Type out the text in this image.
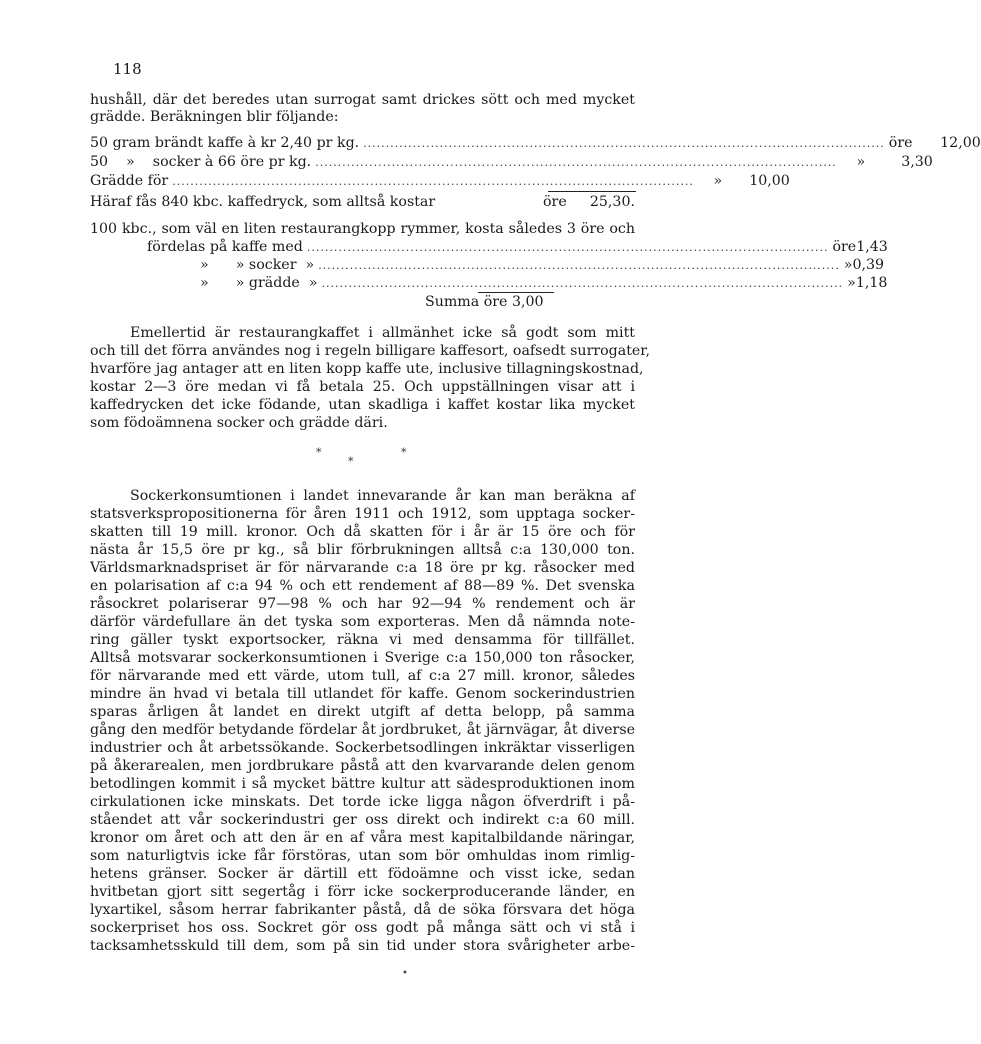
118
hushåll, där det beredes utan surrogat samt drickes sött och med mycket
grädde. Beräkningen blir följande:
50 gram brändt kaffe à kr 2,40 pr kg. .................................................................................................................... öre	12,00
50    »    socker à 66 öre pr kg. ....................................................................................................................	»	3,30
Grädde för ....................................................................................................................	»	10,00
Häraf fås 840 kbc. kaffedryck, som alltså kostar	öre	25,30.
100 kbc., som väl en liten restaurangkopp rymmer, kosta således 3 öre och
fördelas på kaffe med .................................................................................................................... öre 1,43
»      » socker  » .................................................................................................................... » 0,39
»      » grädde  » .................................................................................................................... » 1,18
Summa öre 3,00
Emellertid är restaurangkaffet i allmänhet icke så godt som mitt
och till det förra användes nog i regeln billigare kaffesort, oafsedt surrogater,
hvarföre jag antager att en liten kopp kaffe ute, inclusive tillagningskostnad,
kostar 2—3 öre medan vi få betala 25. Och uppställningen visar att i
kaffedrycken det icke födande, utan skadliga i kaffet kostar lika mycket
som födoämnena socker och grädde däri.
*
*
*
Sockerkonsumtionen i landet innevarande år kan man beräkna af
statsverkspropositionerna för åren 1911 och 1912, som upptaga socker-
skatten till 19 mill. kronor. Och då skatten för i år är 15 öre och för
nästa år 15,5 öre pr kg., så blir förbrukningen alltså c:a 130,000 ton.
Världsmarknadspriset är för närvarande c:a 18 öre pr kg. råsocker med
en polarisation af c:a 94 % och ett rendement af 88—89 %. Det svenska
råsockret polariserar 97—98 % och har 92—94 % rendement och är
därför värdefullare än det tyska som exporteras. Men då nämnda note-
ring gäller tyskt exportsocker, räkna vi med densamma för tillfället.
Alltså motsvarar sockerkonsumtionen i Sverige c:a 150,000 ton råsocker,
för närvarande med ett värde, utom tull, af c:a 27 mill. kronor, således
mindre än hvad vi betala till utlandet för kaffe. Genom sockerindustrien
sparas årligen åt landet en direkt utgift af detta belopp, på samma
gång den medför betydande fördelar åt jordbruket, åt järnvägar, åt diverse
industrier och åt arbetssökande. Sockerbetsodlingen inkräktar visserligen
på åkerarealen, men jordbrukare påstå att den kvarvarande delen genom
betodlingen kommit i så mycket bättre kultur att sädesproduktionen inom
cirkulationen icke minskats. Det torde icke ligga någon öfverdrift i på-
ståendet att vår sockerindustri ger oss direkt och indirekt c:a 60 mill.
kronor om året och att den är en af våra mest kapitalbildande näringar,
som naturligtvis icke får förstöras, utan som bör omhuldas inom rimlig-
hetens gränser. Socker är därtill ett födoämne och visst icke, sedan
hvitbetan gjort sitt segertåg i förr icke sockerproducerande länder, en
lyxartikel, såsom herrar fabrikanter påstå, då de söka försvara det höga
sockerpriset hos oss. Sockret gör oss godt på många sätt och vi stå i
tacksamhetsskuld till dem, som på sin tid under stora svårigheter arbe-
•
